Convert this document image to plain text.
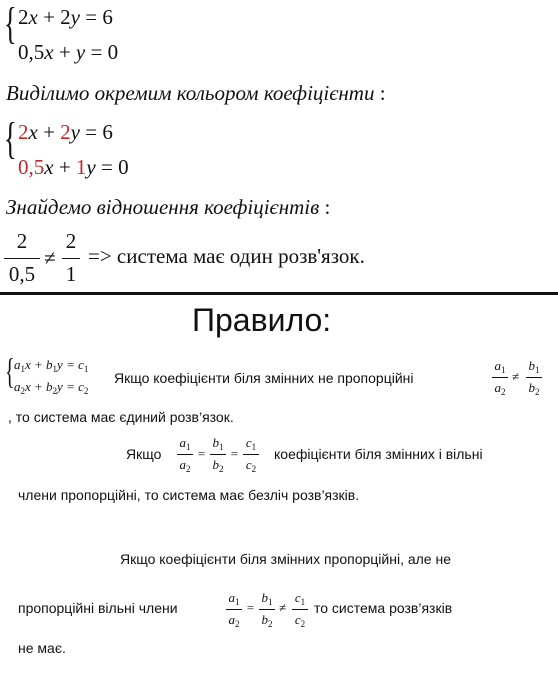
{ 2x + 2y = 6
0,5x + y = 0
Виділимо окремим кольором коефіцієнти :
{ 2x + 2y = 6
0,5x + 1y = 0
Знайдемо відношення коефіцієнтів :
2
0,5
≠
2
1
=> система має один розв'язок.
Правило:
{ $a_1x + b_1y = c_1$
$a_2x + b_2y = c_2$
Якщо коефіцієнти біля змінних не пропорційні
$a_1$
$a_2$
≠
$b_1$
$b_2$
, то система має єдиний розв’язок.
Якщо
$a_1$
$a_2$
=
$b_1$
$b_2$
=
$c_1$
$c_2$
коефіцієнти біля змінних і вільні
члени пропорційні, то система має безліч розв’язків.
Якщо коефіцієнти біля змінних пропорційні, але не
пропорційні вільні члени
$a_1$
$a_2$
=
$b_1$
$b_2$
≠
$c_1$
$c_2$
то система розв’язків
не має.
